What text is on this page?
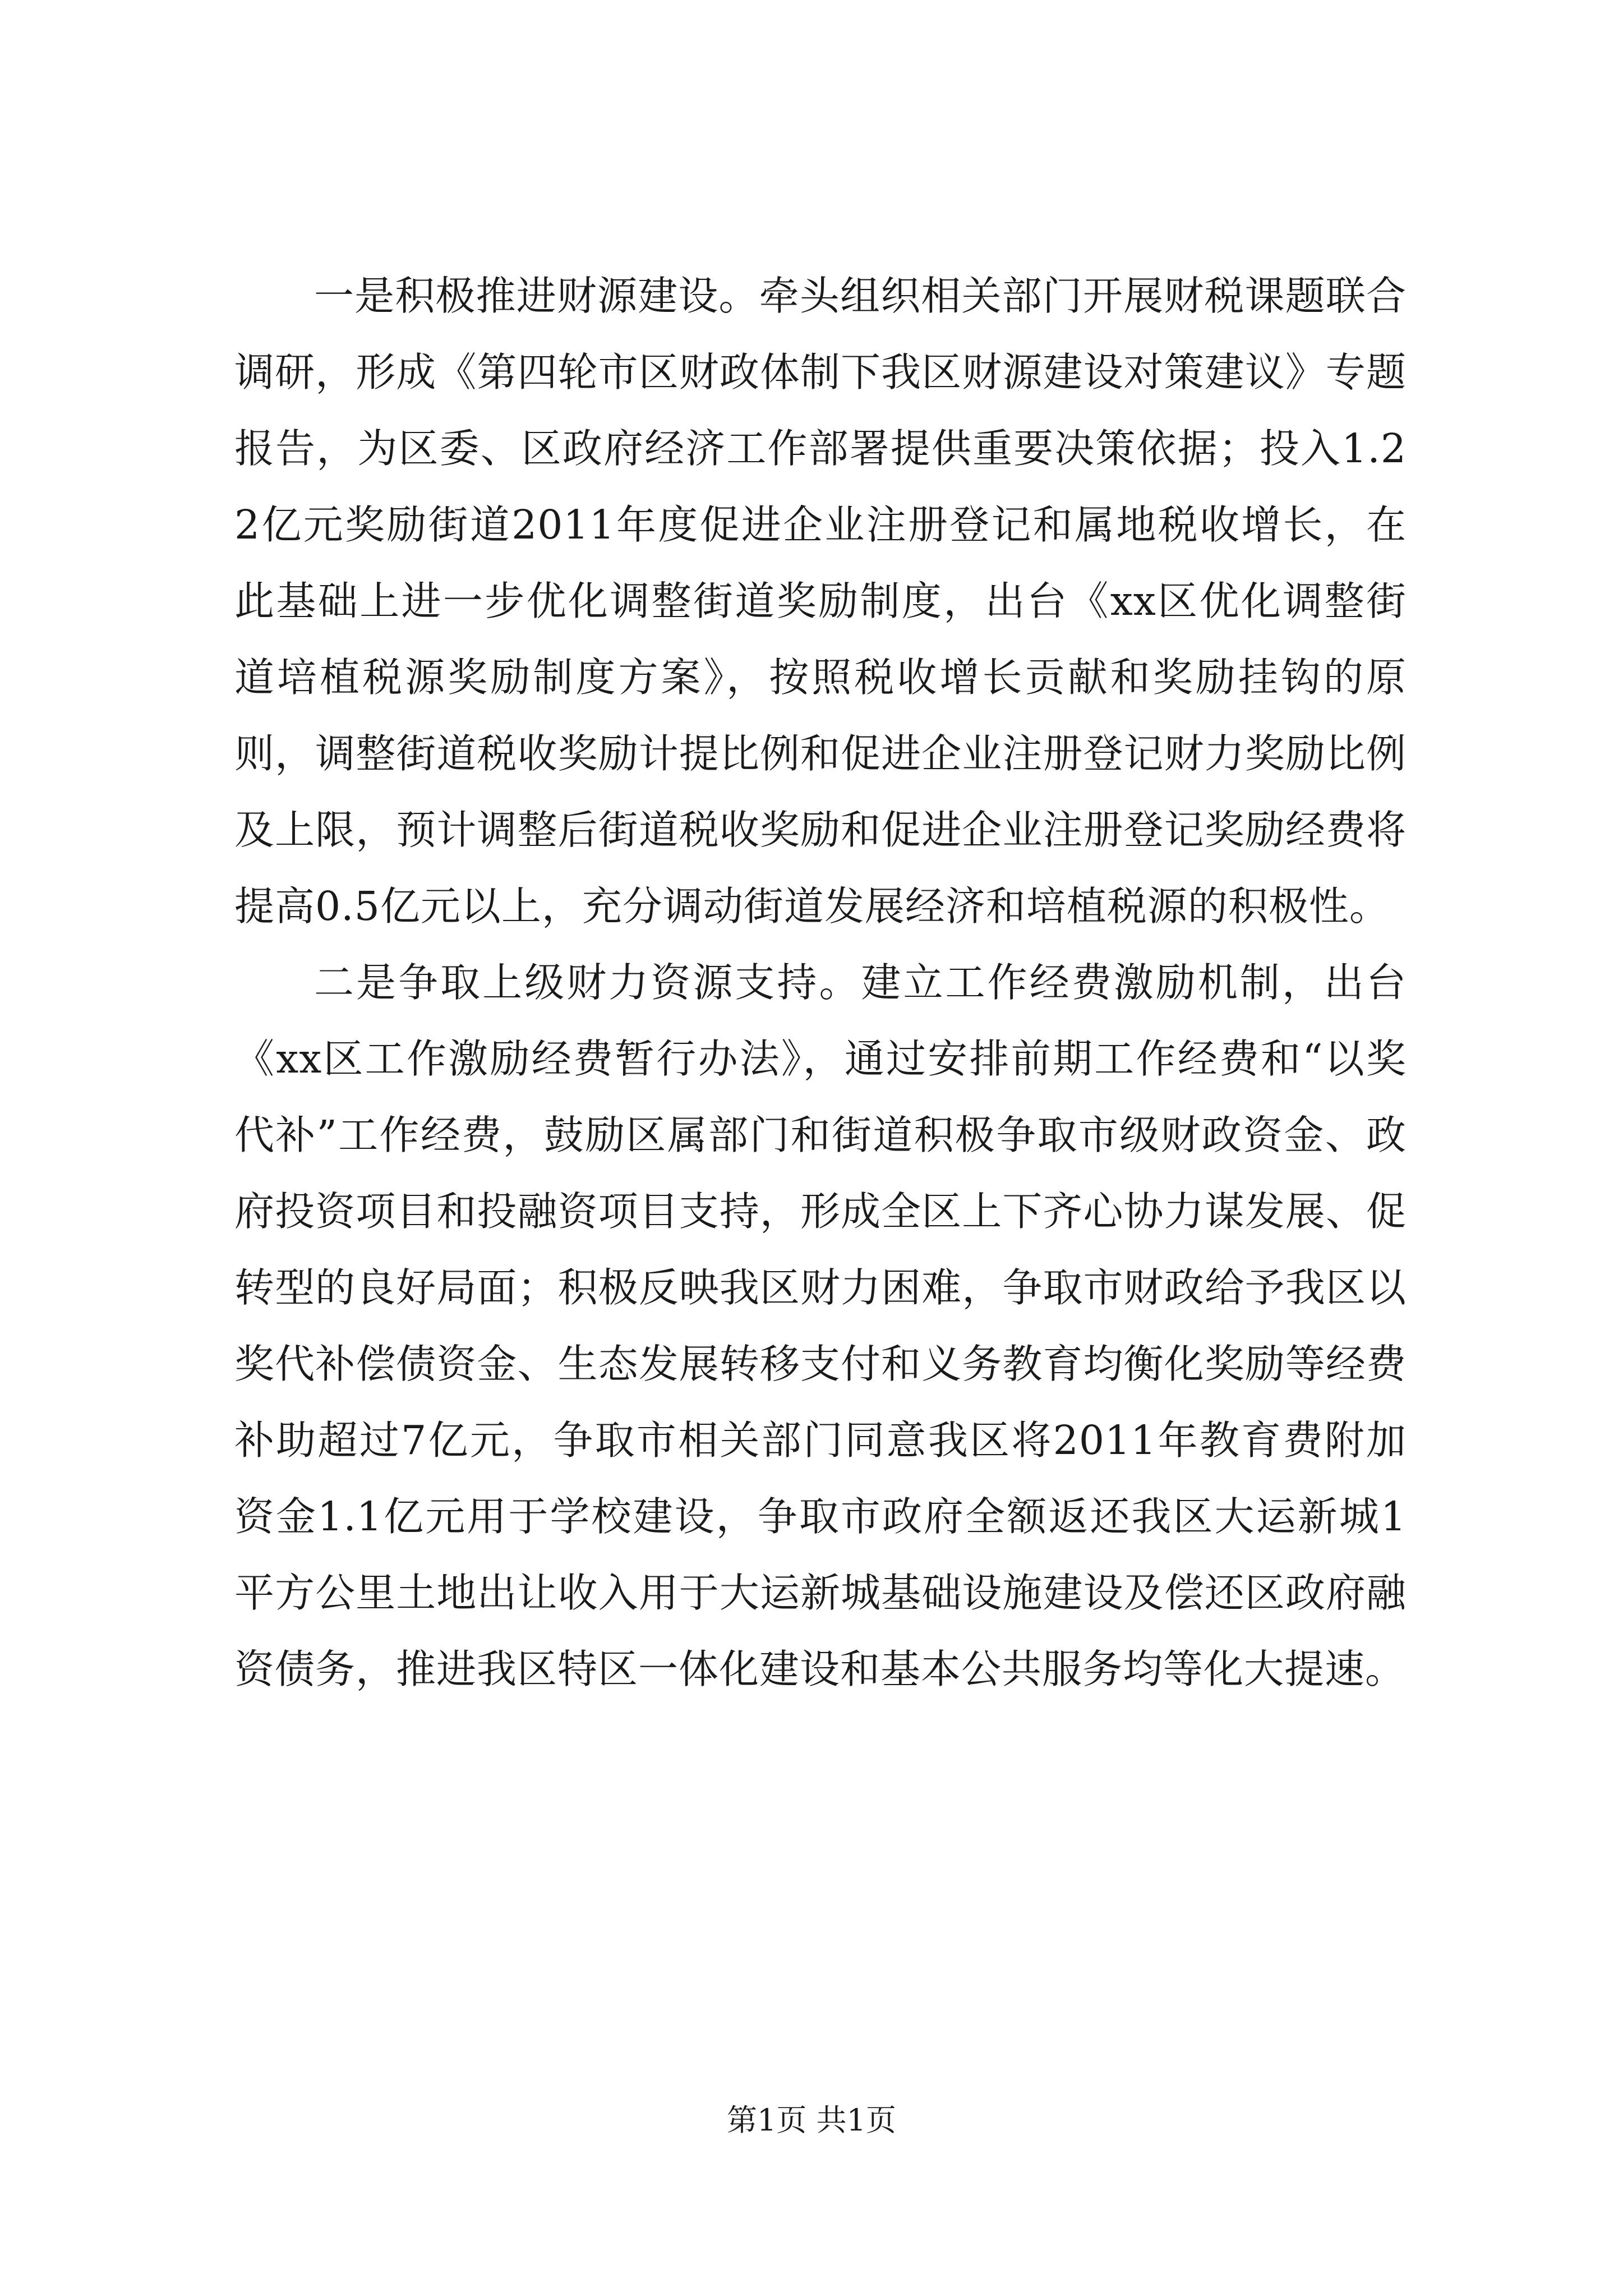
一是积极推进财源建设。牵头组织相关部门开展财税课题联合调研，形成《第四轮市区财政体制下我区财源建设对策建议》专题报告，为区委、区政府经济工作部署提供重要决策依据；投入1.22亿元奖励街道2011年度促进企业注册登记和属地税收增长，在此基础上进一步优化调整街道奖励制度，出台《xx区优化调整街道培植税源奖励制度方案》，按照税收增长贡献和奖励挂钩的原则，调整街道税收奖励计提比例和促进企业注册登记财力奖励比例及上限，预计调整后街道税收奖励和促进企业注册登记奖励经费将提高0.5亿元以上，充分调动街道发展经济和培植税源的积极性。

二是争取上级财力资源支持。建立工作经费激励机制，出台《xx区工作激励经费暂行办法》，通过安排前期工作经费和“以奖代补”工作经费，鼓励区属部门和街道积极争取市级财政资金、政府投资项目和投融资项目支持，形成全区上下齐心协力谋发展、促转型的良好局面；积极反映我区财力困难，争取市财政给予我区以奖代补偿债资金、生态发展转移支付和义务教育均衡化奖励等经费补助超过7亿元，争取市相关部门同意我区将2011年教育费附加资金1.1亿元用于学校建设，争取市政府全额返还我区大运新城1平方公里土地出让收入用于大运新城基础设施建设及偿还区政府融资债务，推进我区特区一体化建设和基本公共服务均等化大提速。

第1页 共1页
